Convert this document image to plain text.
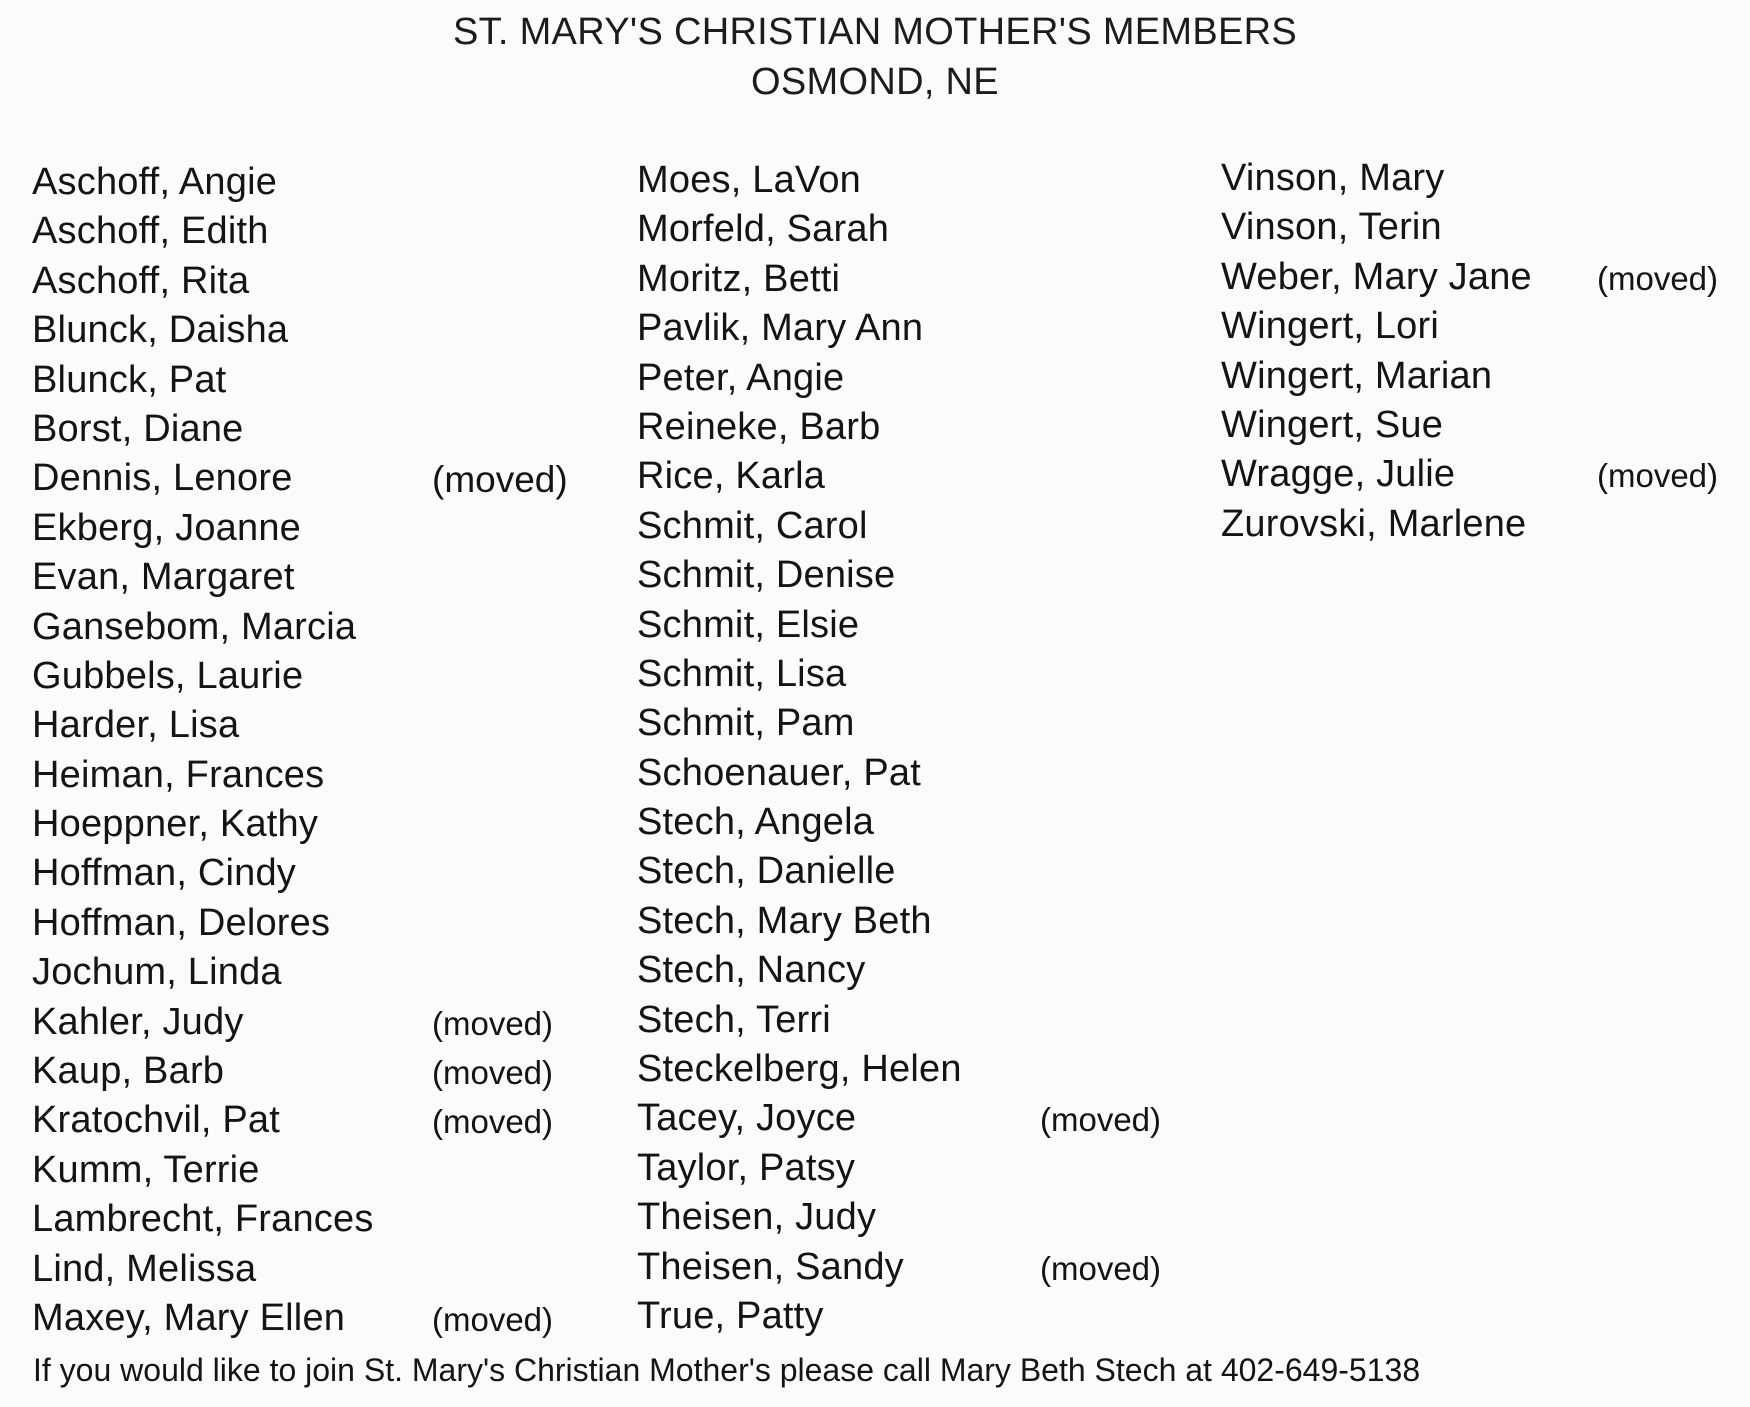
ST. MARY'S CHRISTIAN MOTHER'S MEMBERS
OSMOND, NE
Aschoff, Angie
Aschoff, Edith
Aschoff, Rita
Blunck, Daisha
Blunck, Pat
Borst, Diane
Dennis, Lenore	(moved)
Ekberg, Joanne
Evan, Margaret
Gansebom, Marcia
Gubbels, Laurie
Harder, Lisa
Heiman, Frances
Hoeppner, Kathy
Hoffman, Cindy
Hoffman, Delores
Jochum, Linda
Kahler, Judy	(moved)
Kaup, Barb	(moved)
Kratochvil, Pat	(moved)
Kumm, Terrie
Lambrecht, Frances
Lind, Melissa
Maxey, Mary Ellen	(moved)
Moes, LaVon
Morfeld, Sarah
Moritz, Betti
Pavlik, Mary Ann
Peter, Angie
Reineke, Barb
Rice, Karla
Schmit, Carol
Schmit, Denise
Schmit, Elsie
Schmit, Lisa
Schmit, Pam
Schoenauer, Pat
Stech, Angela
Stech, Danielle
Stech, Mary Beth
Stech, Nancy
Stech, Terri
Steckelberg, Helen
Tacey, Joyce	(moved)
Taylor, Patsy
Theisen, Judy
Theisen, Sandy	(moved)
True, Patty
Vinson, Mary
Vinson, Terin
Weber, Mary Jane (moved)
Wingert, Lori
Wingert, Marian
Wingert, Sue
Wragge, Julie	(moved)
Zurovski, Marlene
If you would like to join St. Mary's Christian Mother's please call Mary Beth Stech at 402-649-5138
